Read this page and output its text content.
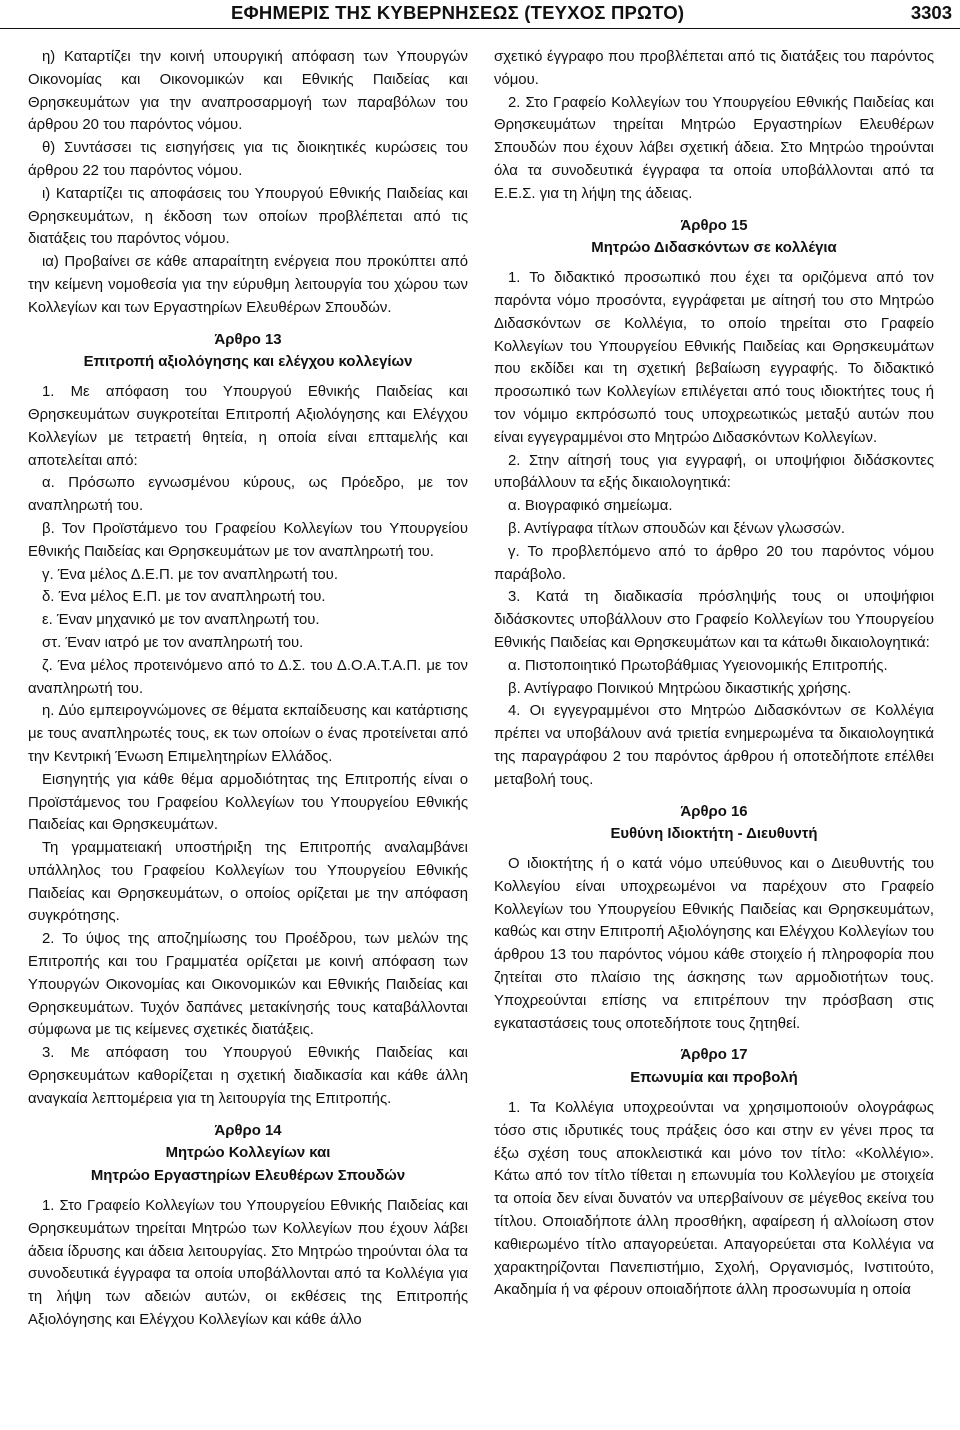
ΕΦΗΜΕΡΙΣ ΤΗΣ ΚΥΒΕΡΝΗΣΕΩΣ (ΤΕΥΧΟΣ ΠΡΩΤΟ)	3303

η) Καταρτίζει την κοινή υπουργική απόφαση των Υπουργών Οικονομίας και Οικονομικών και Εθνικής Παιδείας και Θρησκευμάτων για την αναπροσαρμογή των παραβόλων του άρθρου 20 του παρόντος νόμου.

θ) Συντάσσει τις εισηγήσεις για τις διοικητικές κυρώσεις του άρθρου 22 του παρόντος νόμου.

ι) Καταρτίζει τις αποφάσεις του Υπουργού Εθνικής Παιδείας και Θρησκευμάτων, η έκδοση των οποίων προβλέπεται από τις διατάξεις του παρόντος νόμου.

ια) Προβαίνει σε κάθε απαραίτητη ενέργεια που προκύπτει από την κείμενη νομοθεσία για την εύρυθμη λειτουργία του χώρου των Κολλεγίων και των Εργαστηρίων Ελευθέρων Σπουδών.

Άρθρο 13
Επιτροπή αξιολόγησης και ελέγχου κολλεγίων

1. Με απόφαση του Υπουργού Εθνικής Παιδείας και Θρησκευμάτων συγκροτείται Επιτροπή Αξιολόγησης και Ελέγχου Κολλεγίων με τετραετή θητεία, η οποία είναι επταμελής και αποτελείται από:

α. Πρόσωπο εγνωσμένου κύρους, ως Πρόεδρο, με τον αναπληρωτή του.

β. Τον Προϊστάμενο του Γραφείου Κολλεγίων του Υπουργείου Εθνικής Παιδείας και Θρησκευμάτων με τον αναπληρωτή του.

γ. Ένα μέλος Δ.Ε.Π. με τον αναπληρωτή του.

δ. Ένα μέλος Ε.Π. με τον αναπληρωτή του.

ε. Έναν μηχανικό με τον αναπληρωτή του.

στ. Έναν ιατρό με τον αναπληρωτή του.

ζ. Ένα μέλος προτεινόμενο από το Δ.Σ. του Δ.Ο.Α.Τ.Α.Π. με τον αναπληρωτή του.

η. Δύο εμπειρογνώμονες σε θέματα εκπαίδευσης και κατάρτισης με τους αναπληρωτές τους, εκ των οποίων ο ένας προτείνεται από την Κεντρική Ένωση Επιμελητηρίων Ελλάδος.

Εισηγητής για κάθε θέμα αρμοδιότητας της Επιτροπής είναι ο Προϊστάμενος του Γραφείου Κολλεγίων του Υπουργείου Εθνικής Παιδείας και Θρησκευμάτων.

Τη γραμματειακή υποστήριξη της Επιτροπής αναλαμβάνει υπάλληλος του Γραφείου Κολλεγίων του Υπουργείου Εθνικής Παιδείας και Θρησκευμάτων, ο οποίος ορίζεται με την απόφαση συγκρότησης.

2. Το ύψος της αποζημίωσης του Προέδρου, των μελών της Επιτροπής και του Γραμματέα ορίζεται με κοινή απόφαση των Υπουργών Οικονομίας και Οικονομικών και Εθνικής Παιδείας και Θρησκευμάτων. Τυχόν δαπάνες μετακίνησής τους καταβάλλονται σύμφωνα με τις κείμενες σχετικές διατάξεις.

3. Με απόφαση του Υπουργού Εθνικής Παιδείας και Θρησκευμάτων καθορίζεται η σχετική διαδικασία και κάθε άλλη αναγκαία λεπτομέρεια για τη λειτουργία της Επιτροπής.

Άρθρο 14
Μητρώο Κολλεγίων και
Μητρώο Εργαστηρίων Ελευθέρων Σπουδών

1. Στο Γραφείο Κολλεγίων του Υπουργείου Εθνικής Παιδείας και Θρησκευμάτων τηρείται Μητρώο των Κολλεγίων που έχουν λάβει άδεια ίδρυσης και άδεια λειτουργίας. Στο Μητρώο τηρούνται όλα τα συνοδευτικά έγγραφα τα οποία υποβάλλονται από τα Κολλέγια για τη λήψη των αδειών αυτών, οι εκθέσεις της Επιτροπής Αξιολόγησης και Ελέγχου Κολλεγίων και κάθε άλλο

σχετικό έγγραφο που προβλέπεται από τις διατάξεις του παρόντος νόμου.

2. Στο Γραφείο Κολλεγίων του Υπουργείου Εθνικής Παιδείας και Θρησκευμάτων τηρείται Μητρώο Εργαστηρίων Ελευθέρων Σπουδών που έχουν λάβει σχετική άδεια. Στο Μητρώο τηρούνται όλα τα συνοδευτικά έγγραφα τα οποία υποβάλλονται από τα Ε.Ε.Σ. για τη λήψη της άδειας.

Άρθρο 15
Μητρώο Διδασκόντων σε κολλέγια

1. Το διδακτικό προσωπικό που έχει τα οριζόμενα από τον παρόντα νόμο προσόντα, εγγράφεται με αίτησή του στο Μητρώο Διδασκόντων σε Κολλέγια, το οποίο τηρείται στο Γραφείο Κολλεγίων του Υπουργείου Εθνικής Παιδείας και Θρησκευμάτων που εκδίδει και τη σχετική βεβαίωση εγγραφής. Το διδακτικό προσωπικό των Κολλεγίων επιλέγεται από τους ιδιοκτήτες τους ή τον νόμιμο εκπρόσωπό τους υποχρεωτικώς μεταξύ αυτών που είναι εγγεγραμμένοι στο Μητρώο Διδασκόντων Κολλεγίων.

2. Στην αίτησή τους για εγγραφή, οι υποψήφιοι διδάσκοντες υποβάλλουν τα εξής δικαιολογητικά:

α. Βιογραφικό σημείωμα.

β. Αντίγραφα τίτλων σπουδών και ξένων γλωσσών.

γ. Το προβλεπόμενο από το άρθρο 20 του παρόντος νόμου παράβολο.

3. Κατά τη διαδικασία πρόσληψής τους οι υποψήφιοι διδάσκοντες υποβάλλουν στο Γραφείο Κολλεγίων του Υπουργείου Εθνικής Παιδείας και Θρησκευμάτων και τα κάτωθι δικαιολογητικά:

α. Πιστοποιητικό Πρωτοβάθμιας Υγειονομικής Επιτροπής.

β. Αντίγραφο Ποινικού Μητρώου δικαστικής χρήσης.

4. Οι εγγεγραμμένοι στο Μητρώο Διδασκόντων σε Κολλέγια πρέπει να υποβάλουν ανά τριετία ενημερωμένα τα δικαιολογητικά της παραγράφου 2 του παρόντος άρθρου ή οποτεδήποτε επέλθει μεταβολή τους.

Άρθρο 16
Ευθύνη Ιδιοκτήτη - Διευθυντή

Ο ιδιοκτήτης ή ο κατά νόμο υπεύθυνος και ο Διευθυντής του Κολλεγίου είναι υποχρεωμένοι να παρέχουν στο Γραφείο Κολλεγίων του Υπουργείου Εθνικής Παιδείας και Θρησκευμάτων, καθώς και στην Επιτροπή Αξιολόγησης και Ελέγχου Κολλεγίων του άρθρου 13 του παρόντος νόμου κάθε στοιχείο ή πληροφορία που ζητείται στο πλαίσιο της άσκησης των αρμοδιοτήτων τους. Υποχρεούνται επίσης να επιτρέπουν την πρόσβαση στις εγκαταστάσεις τους οποτεδήποτε τους ζητηθεί.

Άρθρο 17
Επωνυμία και προβολή

1. Τα Κολλέγια υποχρεούνται να χρησιμοποιούν ολογράφως τόσο στις ιδρυτικές τους πράξεις όσο και στην εν γένει προς τα έξω σχέση τους αποκλειστικά και μόνο τον τίτλο: «Κολλέγιο». Κάτω από τον τίτλο τίθεται η επωνυμία του Κολλεγίου με στοιχεία τα οποία δεν είναι δυνατόν να υπερβαίνουν σε μέγεθος εκείνα του τίτλου. Οποιαδήποτε άλλη προσθήκη, αφαίρεση ή αλλοίωση στον καθιερωμένο τίτλο απαγορεύεται. Απαγορεύεται στα Κολλέγια να χαρακτηρίζονται Πανεπιστήμιο, Σχολή, Οργανισμός, Ινστιτούτο, Ακαδημία ή να φέρουν οποιαδήποτε άλλη προσωνυμία η οποία
